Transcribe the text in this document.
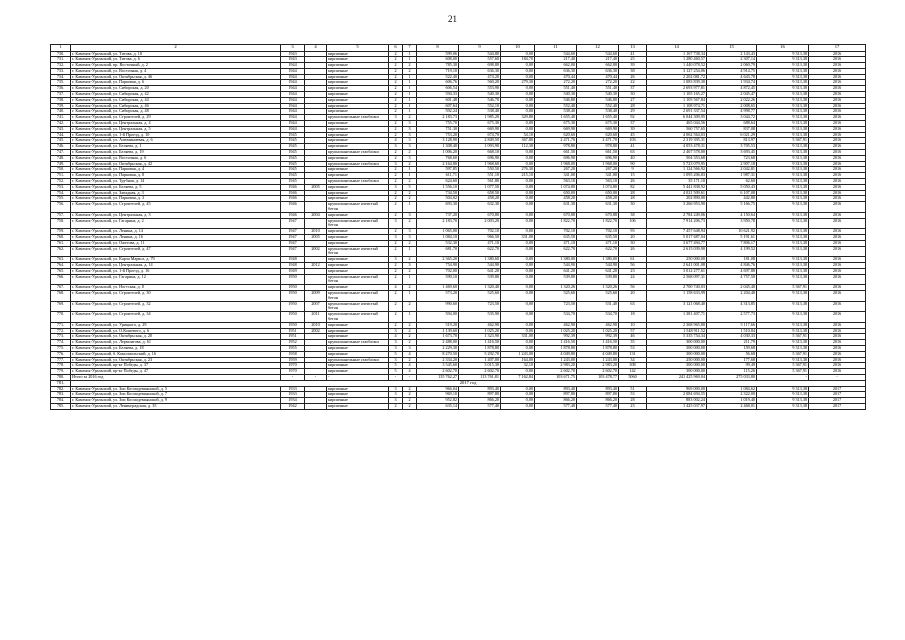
21
1	2	3	4	5	6	7	8	9	10	11	12	13	14	15	16	17
730.	г. Каменск-Уральский, ул. Титова, д. 10	1943		кирпичные	2	1	599,06	544,80	0,00	544,60	544,60	41	1 167 738,34	2 143,43	9 313,38	2016
731.	г. Каменск-Уральский, ул. Титова, д. 6	1943		кирпичные	2	1	608,00	557,60	184,70	217,40	217,40	25	1 280 460,57	2 307,14	9 313,38	2016
732.	г. Каменск-Уральский, пр. Восточный, д. 2	1944		кирпичные	2	2	785,30	698,80	0,00	662,00	662,00	39	1 440 078,52	2 060,79	9 313,38	2016
733.	г. Каменск-Уральский, ул. Восточная, д. 4	1944		кирпичные	2	2	719,10	636,30	0,00	636,30	636,30	38	3 127 254,06	4 914,75	9 313,38	2016
734.	г. Каменск-Уральский, ул. Октябрьская, д. 46	1944		кирпичные	2	1	522,40	474,20	0,00	470,44	470,44	26	2 202 081,72	4 643,78	9 313,38	2016
735.	г. Каменск-Уральский, ул. Парковая, д. 6	1944		кирпичные	2	1	606,76	560,20	279,30	272,20	272,20	22	1 083 839,30	1 934,74	9 313,38	2016
736.	г. Каменск-Уральский, ул. Сибирская, д. 20	1944		кирпичные	2	1	606,54	553,90	0,00	551,40	551,40	37	2 693 977,81	4 872,45	9 313,38	2016
737.	г. Каменск-Уральский, ул. Сибирская, д. 42	1944		кирпичные	2	1	594,33	540,30	0,00	540,30	540,30	30	1 105 165,27	2 045,47	9 313,38	2016
738.	г. Каменск-Уральский, ул. Сибирская, д. 44	1944		кирпичные	2	1	601,48	546,70	0,00	546,80	546,80	27	1 105 567,84	2 022,26	9 313,38	2016
739.	г. Каменск-Уральский, ул. Сибирская, д. 46	1944		кирпичные	2	1	607,64	552,10	0,00	552,40	552,40	28	1 108 974,71	2 008,65	9 313,38	2016
740.	г. Каменск-Уральский, ул. Сибирская, д. 48	1944		кирпичные	2	1	592,24	538,40	0,00	538,40	538,40	29	2 691 337,54	4 998,77	9 313,38	2016
741.	г. Каменск-Уральский, ул. Строителей, д. 29	1944		крупнопанельные газоблоки	3	2	2 183,73	1 985,20	329,80	1 655,40	1 655,40	92	6 044 309,95	3 044,72	9 313,38	2016
742.	г. Каменск-Уральский, ул. Центральная, д. 4	1944		кирпичные	2	3	755,70	675,30	0,00	675,30	675,30	37	465 044,56	688,64	9 313,38	2016
743.	г. Каменск-Уральский, ул. Центральная, д. 5	1944		кирпичные	2	3	751,30	669,90	0,00	669,90	669,90	39	560 757,65	837,08	9 313,38	2016
744.	г. Каменск-Уральский, ул. 1-й Проезд, д. 10	1945		кирпичные	2	3	753,20	674,70	54,10	620,60	620,60	45	4 062 564,03	6 021,29	9 313,38	2016
745.	г. Каменск-Уральский, ул. Алюминиевая, д. 6	1945		кирпичные	4	3	3 128,90	2 849,50	367,80	2 471,70	2 471,70	103	2 319 395,31	813,97	5 367,91	2016
746.	г. Каменск-Уральский, ул. Беляева, д. 1	1945		кирпичные	3	3	1 308,40	1 093,90	112,30	978,80	978,80	41	4 053 478,31	3 705,53	9 313,38	2016
747.	г. Каменск-Уральский, ул. Беляева, д. 19	1945		крупнопанельные газоблоки	2	2	1 006,20	668,10	0,00	661,50	661,50	63	2 467 578,00	3 693,45	9 313,38	2016
748.	г. Каменск-Уральский, ул. Восточная, д. 6	1945		кирпичные	2	3	768,60	696,90	0,00	696,90	696,90	40	504 353,68	723,68	9 313,38	2016
749.	г. Каменск-Уральский, ул. Октябрьская, д. 42	1945		крупнопанельные газоблоки	3	2	2 164,80	1 968,60	0,00	1 968,00	1 968,00	90	5 723 079,95	2 907,18	9 313,38	2016
750.	г. Каменск-Уральский, ул. Парковая, д. 4	1945		кирпичные	2	1	597,85	550,50	276,30	267,20	267,20	9	1 124 566,92	2 042,81	9 313,38	2016
751.	г. Каменск-Уральский, ул. Парковая, д. 8	1945		кирпичные	2	1	611,71	551,10	215,10	341,00	341,00	15	1 095 206,83	1 987,31	9 313,38	2016
752.	г. Каменск-Уральский, ул. Трубная, д. 14	1945		крупнопанельные газоблоки	2	2	624,60	561,80	0,00	563,10	563,10	26	35 171,10	62,60	9 313,38	2016
753.	г. Каменск-Уральский, ул. Беляева, д. 5	1946	2005	кирпичные	3	5	1 556,10	1 077,50	0,00	1 074,80	1 074,80	82	5 441 838,92	5 050,43	9 313,38	2016
754.	г. Каменск-Уральский, ул. Западная, д. 3	1946		кирпичные	2	2	734,50	658,50	0,00	650,00	650,00	28	4 021 509,61	6 107,08	9 313,38	2016
755.	г. Каменск-Уральский, ул. Парковая, д. 3	1946		кирпичные	2	2	504,02	458,20	0,00	458,20	458,20	28	202 890,00	442,80	9 313,38	2016
756.	г. Каменск-Уральский, ул. Строителей, д. 45	1946		крупнопанельные ячеистый бетон	2	1	693,30	632,30	0,00	631,30	631,30	30	3 266 953,90	5 166,75	9 313,38	2016
757.	г. Каменск-Уральский, ул. Центральная, д. 3	1946	2004	кирпичные	2	3	737,20	670,80	0,00	670,88	670,88	38	2 784 249,06	4 150,64	9 313,38	2016
758.	г. Каменск-Уральский, ул. Гагарина, д. 2	1947		крупнопанельные ячеистый бетон	3	2	2 183,70	2 003,20	0,00	1 822,70	1 822,70	106	7 914 206,73	3 950,78	9 313,38	2016
759.	г. Каменск-Уральский, ул. Ленина, д. 14	1947	2010	кирпичные	2	3	1 065,00	702,10	0,00	702,10	702,10	93	7 457 648,94	10 621,92	9 313,38	2016
760.	г. Каменск-Уральский, ул. Ленина, д. 16	1947	2005	кирпичные	3	3	1 084,10	966,50	331,00	635,50	635,50	20	5 017 687,04	5 191,61	9 313,38	2016
761.	г. Каменск-Уральский, ул. Ожегова, д. 11	1947		кирпичные	2	2	532,30	471,10	0,00	471,10	471,10	30	3 677 494,77	7 806,17	9 313,38	2016
762.	г. Каменск-Уральский, ул. Строителей, д. 47	1947	2002	крупнопанельные ячеистый бетон	2	1	681,70	622,70	0,00	622,70	622,70	26	2 615 039,90	4 199,52	9 313,38	2016
763.	г. Каменск-Уральский, ул. Карла Маркса, д. 79	1948		кирпичные	3	2	2 365,20	1 380,60	0,00	1 380,00	1 380,00	61	250 000,00	181,08	9 313,38	2016
764.	г. Каменск-Уральский, ул. Центральная, д. 14	1948	2012	кирпичные	2	3	754,90	544,90	0,00	544,90	544,90	56	2 641 001,08	4 846,76	9 313,38	2016
765.	г. Каменск-Уральский, ул. 1-й Проезд, д. 16	1949		кирпичные	2	2	702,00	641,20	0,00	641,20	641,20	23	3 012 277,61	4 697,88	9 313,38	2016
766.	г. Каменск-Уральский, ул. Гагарина, д. 12	1950		крупнопанельные ячеистый бетон	2	1	590,10	539,80	0,00	539,80	539,80	24	2 568 097,31	4 757,50	9 313,38	2016
767.	г. Каменск-Уральский, ул. Ногтская, д. 8	1950		кирпичные	4	2	1 469,60	1 320,40	0,00	1 320,26	1 320,26	56	2 700 740,03	2 045,40	5 367,91	2016
768.	г. Каменск-Уральский, ул. Строителей, д. 30	1950	2009	крупнопанельные ячеистый бетон	2	1	573,20	525,60	0,00	525,60	525,60	20	1 158 633,99	2 204,40	9 313,38	2016
769.	г. Каменск-Уральский, ул. Строителей, д. 32	1950	2007	крупнопанельные ячеистый бетон	2	2	990,60	723,50	0,00	723,50	531,40	63	3 121 068,40	4 313,85	9 313,38	2016
770.	г. Каменск-Уральский, ул. Строителей, д. 34	1950	2011	крупнопанельные ячеистый бетон	2	1	594,00	535,90	0,00	534,70	534,70	18	1 381 407,71	2 577,73	9 313,38	2016
771.	г. Каменск-Уральский, ул. Урицкого, д. 29	1950	2010	кирпичные	2	2	519,20	462,90	0,00	462,90	462,90	10	2 368 965,80	5 117,66	9 313,38	2016
772.	г. Каменск-Уральский, ул. О.Кошевого, д. 6	1951	2002	кирпичные	3	2	1 139,60	1 025,20	0,00	1 025,20	1 025,20	57	1 548 911,52	1 510,84	9 313,38	2016
773.	г. Каменск-Уральский, ул. Октябрьская, д. 20	1951		кирпичные	4	2	1 673,70	1 323,90	331,00	992,39	992,39	46	5 335 754,34	4 030,33	5 367,91	2016
774.	г. Каменск-Уральский, ул. Лермонтова, д. 61	1952		крупнопанельные газоблоки	3	2	2 488,00	1 416,50	0,00	1 416,50	1 416,50	35	300 000,00	211,79	9 313,38	2016
775.	г. Каменск-Уральский, ул. Беляева, д. 18	1955		кирпичные	3	3	2 229,30	1 878,80	0,00	1 878,80	1 878,80	53	300 000,00	159,68	9 313,38	2016
776.	г. Каменск-Уральский, б. Комсомольский, д. 16	1958		кирпичные	5	4	8 270,50	5 292,70	1 243,00	4 049,80	4 049,80	131	300 000,00	56,68	5 367,91	2016
777.	г. Каменск-Уральский, ул. Октябрьская, д. 23	1959		крупнопанельные газоблоки	3	2	2 334,20	1 407,00	164,00	1 243,00	1 243,00	34	250 000,00	177,68	9 313,38	2016
778.	г. Каменск-Уральский, пр-кт Победы, д. 37	1970		кирпичные	5	4	3 545,60	3 015,30	32,10	2 983,20	2 983,20	308	300 000,00	99,49	5 367,91	2016
779.	г. Каменск-Уральский, пр-кт Победы, д. 47	1970		кирпичные	5	4	2 602,70	2 602,70	0,00	2 602,70	2 602,70	142	300 000,00	115,26	5 367,91	2016
780.	Итого за 2016 год	-	-	-	-	-	135 762,27	113 761,81	7 162,84	103 671,75	103 478,77	5060	241 425 969,04	275 033,80	-	-
781.	2017 год															
782.	г. Каменск-Уральский, ул. Зои Космодемьянской, д. 5	1933		кирпичные	3	2	966,04	893,40	0,00	893,40	893,40	51	969 000,00	1 084,62	9 313,38	2017
783.	г. Каменск-Уральский, ул. Зои Космодемьянской, д. 7	1933		кирпичные	3	2	969,10	897,80	0,00	897,80	897,80	53	2 084 694,55	2 322,00	9 313,38	2017
784.	г. Каменск-Уральский, ул. Зои Космодемьянской, д. 9	1934		кирпичные	3	2	952,82	866,20	0,00	866,20	866,20	28	883 002,24	1 019,40	9 313,38	2017
785.	г. Каменск-Уральский, ул. Ленинградская, д. 35	1942		кирпичные	2	2	635,14	577,40	0,00	577,40	577,40	23	1 425 037,97	2 468,01	9 313,38	2017
